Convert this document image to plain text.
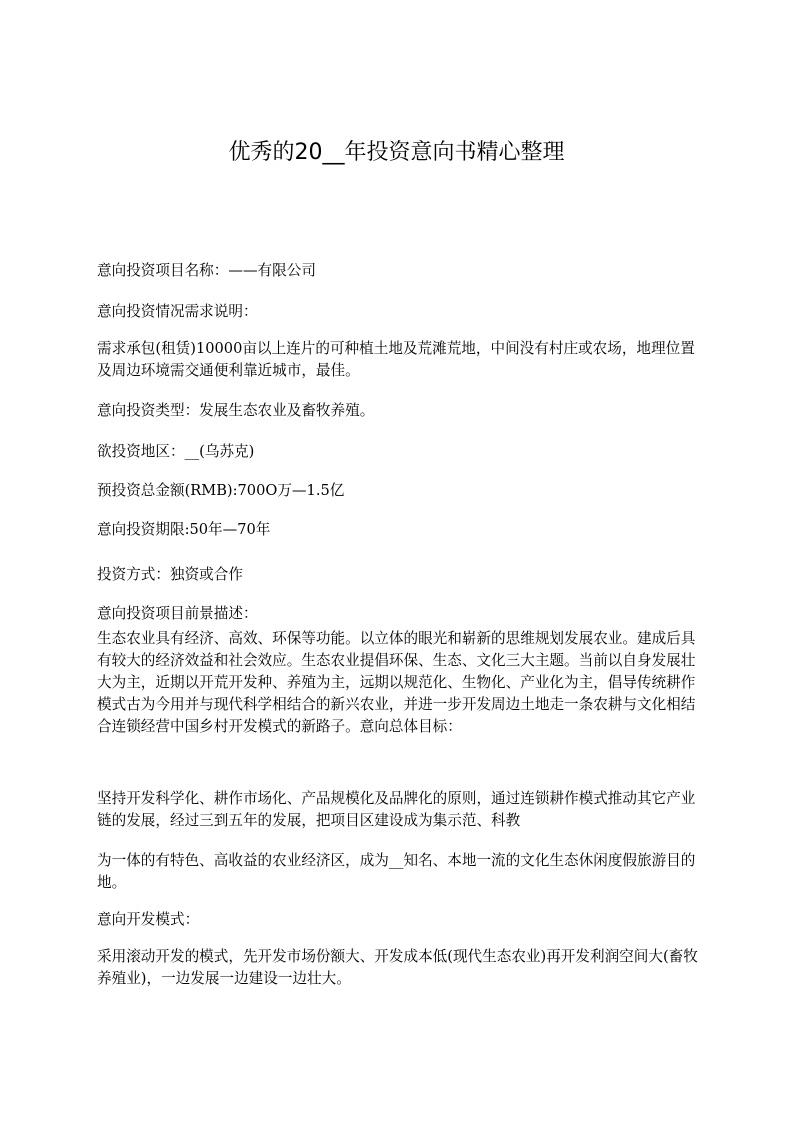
优秀的20__年投资意向书精心整理

意向投资项目名称：——有限公司

意向投资情况需求说明：

需求承包(租赁)10000亩以上连片的可种植土地及荒滩荒地，中间没有村庄或农场，地理位置及周边环境需交通便利靠近城市，最佳。

意向投资类型：发展生态农业及畜牧养殖。

欲投资地区：__(乌苏克)

预投资总金额(RMB):700O万—1.5亿

意向投资期限:50年—70年

投资方式：独资或合作

意向投资项目前景描述：

生态农业具有经济、高效、环保等功能。以立体的眼光和崭新的思维规划发展农业。建成后具有较大的经济效益和社会效应。生态农业提倡环保、生态、文化三大主题。当前以自身发展壮大为主，近期以开荒开发种、养殖为主，远期以规范化、生物化、产业化为主，倡导传统耕作模式古为今用并与现代科学相结合的新兴农业，并进一步开发周边土地走一条农耕与文化相结合连锁经营中国乡村开发模式的新路子。意向总体目标：

坚持开发科学化、耕作市场化、产品规模化及品牌化的原则，通过连锁耕作模式推动其它产业链的发展，经过三到五年的发展，把项目区建设成为集示范、科教

为一体的有特色、高收益的农业经济区，成为__知名、本地一流的文化生态休闲度假旅游目的地。

意向开发模式：

采用滚动开发的模式，先开发市场份额大、开发成本低(现代生态农业)再开发利润空间大(畜牧养殖业)，一边发展一边建设一边壮大。
